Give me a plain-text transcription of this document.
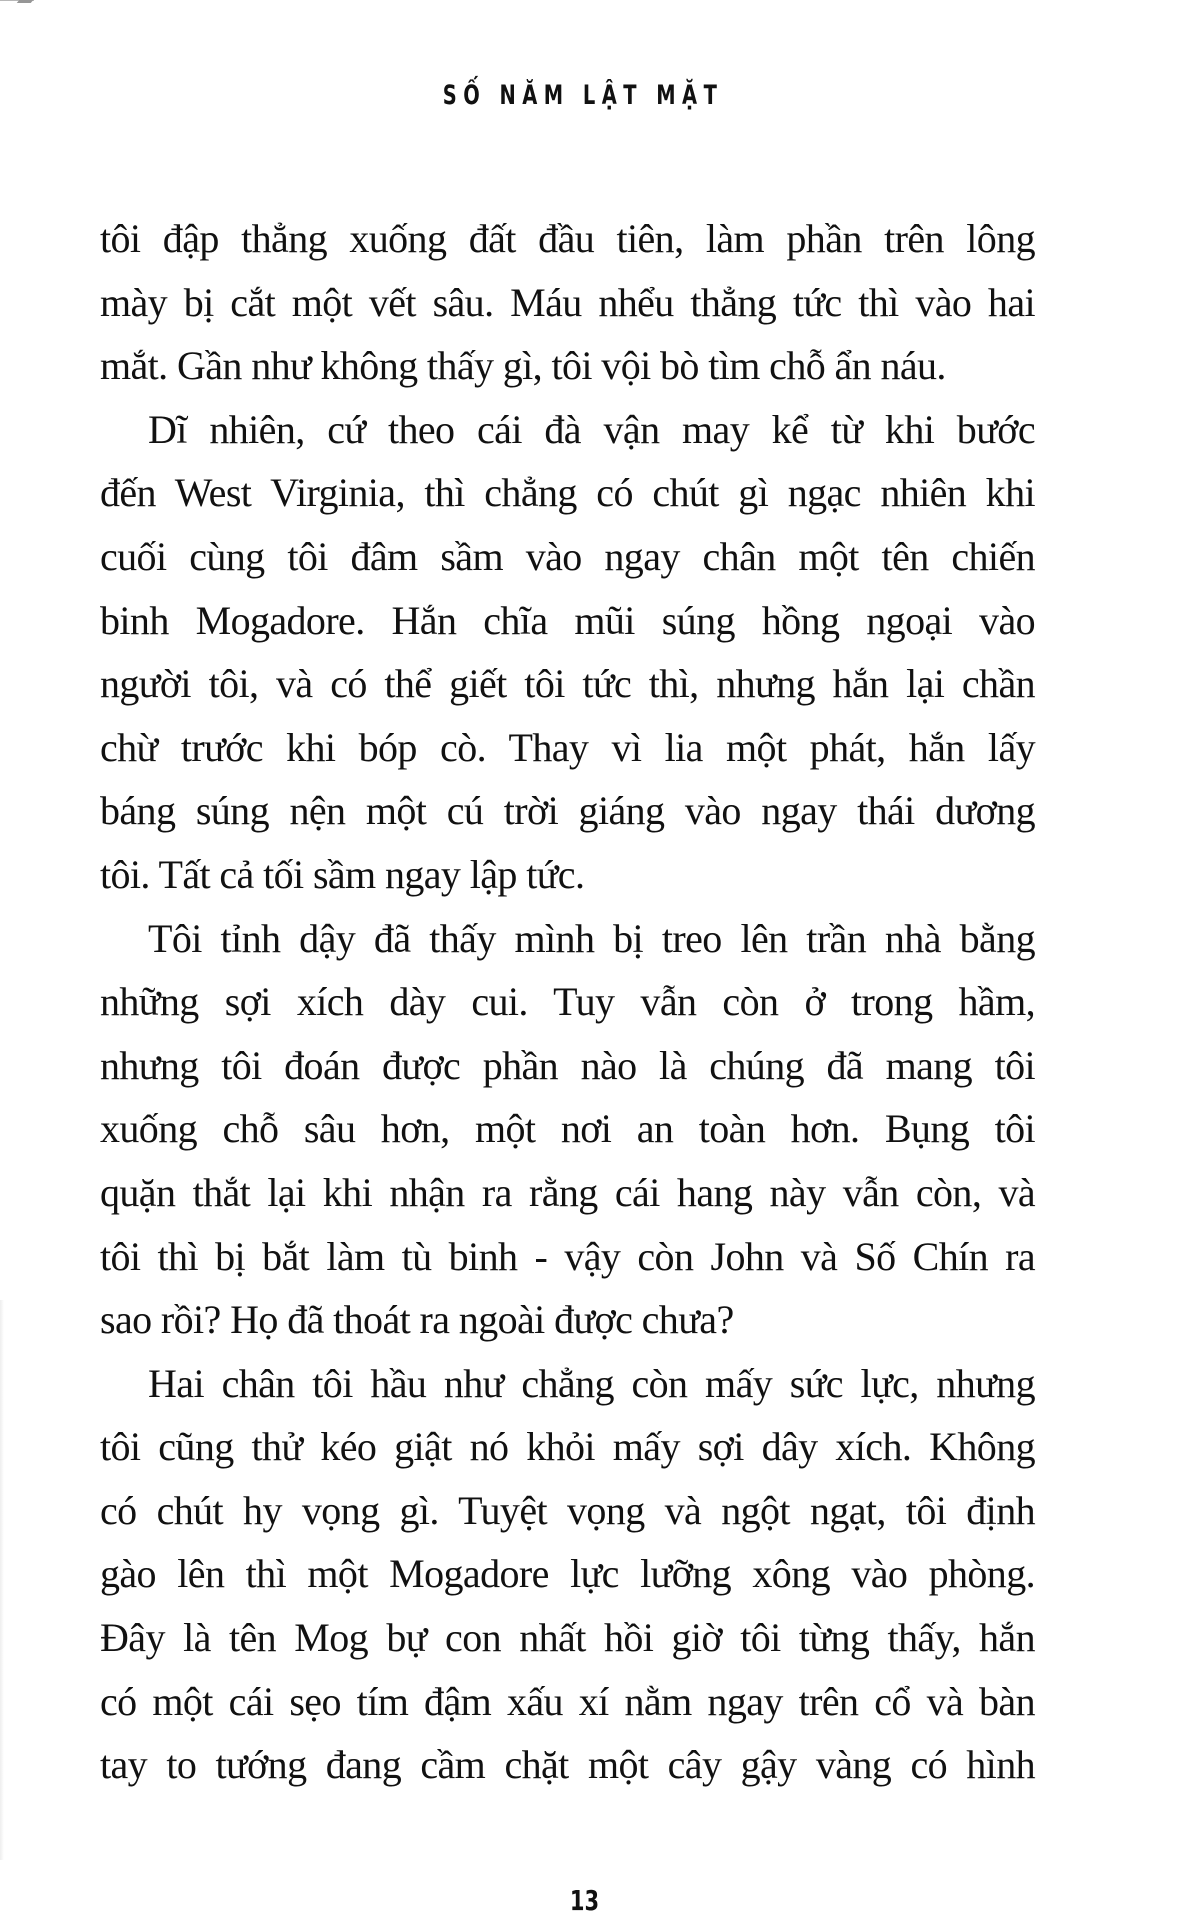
SỐ NĂM LẬT MẶT
tôi đập thẳng xuống đất đầu tiên, làm phần trên lông
mày bị cắt một vết sâu. Máu nhểu thẳng tức thì vào hai
mắt. Gần như không thấy gì, tôi vội bò tìm chỗ ẩn náu.
Dĩ nhiên, cứ theo cái đà vận may kể từ khi bước
đến West Virginia, thì chẳng có chút gì ngạc nhiên khi
cuối cùng tôi đâm sầm vào ngay chân một tên chiến
binh Mogadore. Hắn chĩa mũi súng hồng ngoại vào
người tôi, và có thể giết tôi tức thì, nhưng hắn lại chần
chừ trước khi bóp cò. Thay vì lia một phát, hắn lấy
báng súng nện một cú trời giáng vào ngay thái dương
tôi. Tất cả tối sầm ngay lập tức.
Tôi tỉnh dậy đã thấy mình bị treo lên trần nhà bằng
những sợi xích dày cui. Tuy vẫn còn ở trong hầm,
nhưng tôi đoán được phần nào là chúng đã mang tôi
xuống chỗ sâu hơn, một nơi an toàn hơn. Bụng tôi
quặn thắt lại khi nhận ra rằng cái hang này vẫn còn, và
tôi thì bị bắt làm tù binh - vậy còn John và Số Chín ra
sao rồi? Họ đã thoát ra ngoài được chưa?
Hai chân tôi hầu như chẳng còn mấy sức lực, nhưng
tôi cũng thử kéo giật nó khỏi mấy sợi dây xích. Không
có chút hy vọng gì. Tuyệt vọng và ngột ngạt, tôi định
gào lên thì một Mogadore lực lưỡng xông vào phòng.
Đây là tên Mog bự con nhất hồi giờ tôi từng thấy, hắn
có một cái sẹo tím đậm xấu xí nằm ngay trên cổ và bàn
tay to tướng đang cầm chặt một cây gậy vàng có hình
13
